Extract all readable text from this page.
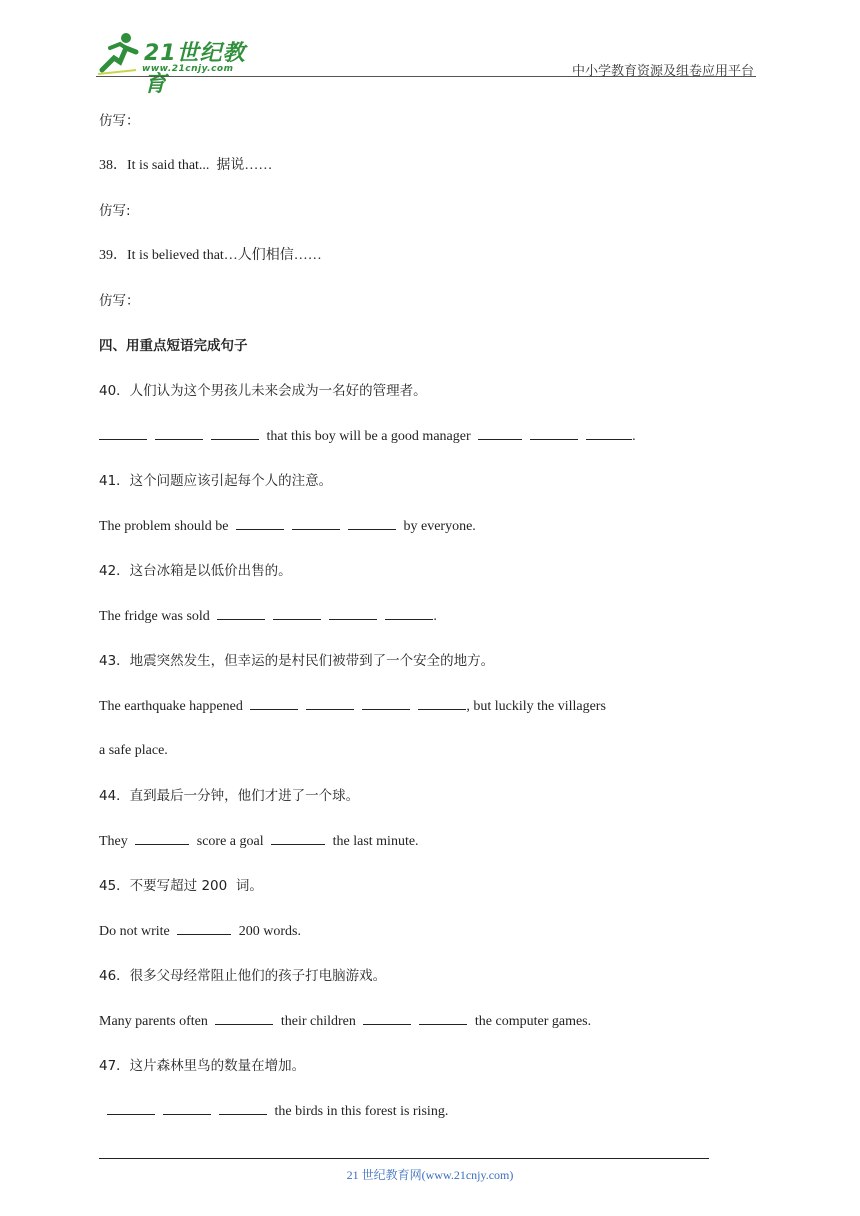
21世纪教育
www.21cnjy.com	中小学教育资源及组卷应用平台
仿写：
38．It is said that...  据说……
仿写:
39．It is believed that…人们相信……
仿写：
四、用重点短语完成句子
40．人们认为这个男孩儿未来会成为一名好的管理者。
that this boy will be a good manager	.
41．这个问题应该引起每个人的注意。
The problem should be	by everyone.
42．这台冰箱是以低价出售的。
The fridge was sold	.
43．地震突然发生，但幸运的是村民们被带到了一个安全的地方。
The earthquake happened	, but luckily the villagers
a safe place.
44．直到最后一分钟，他们才进了一个球。
They	score a goal	the last minute.
45．不要写超过 200  词。
Do not write	200 words.
46．很多父母经常阻止他们的孩子打电脑游戏。
Many parents often	their children	the computer games.
47．这片森林里鸟的数量在增加。
the birds in this forest is rising.
21 世纪教育网(www.21cnjy.com)
